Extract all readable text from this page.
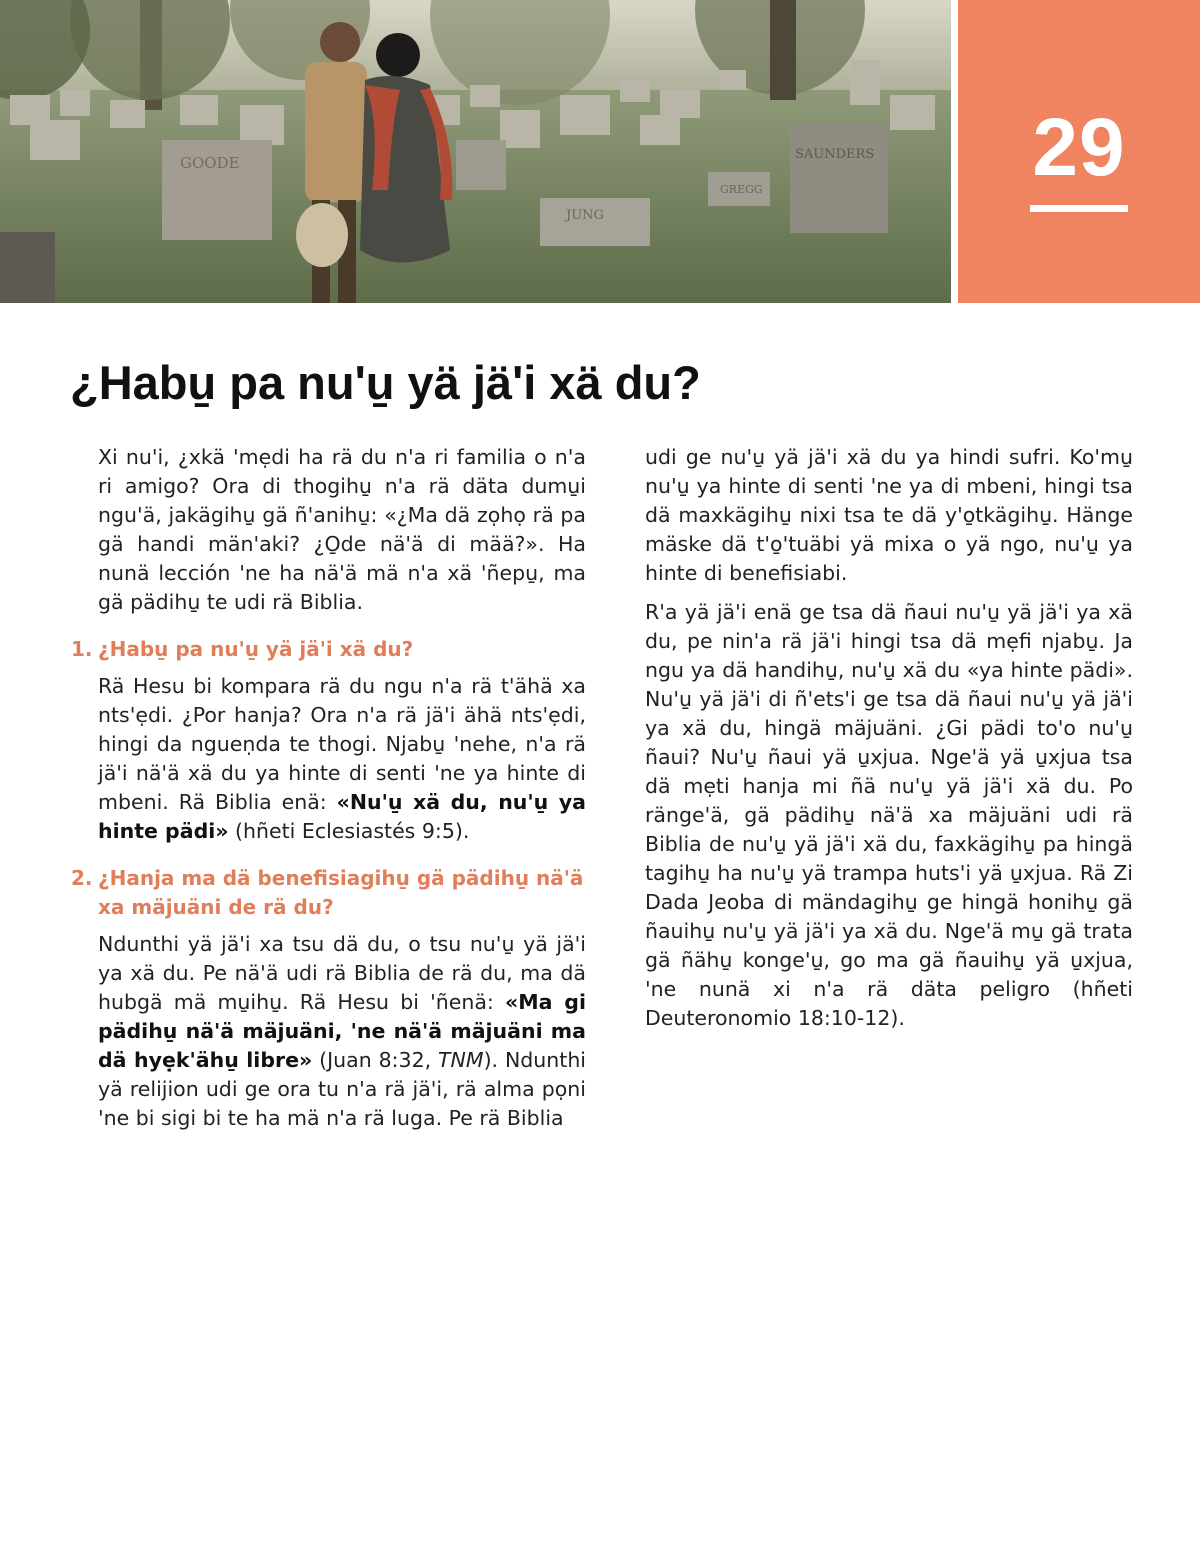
GOODE	SAUNDERS
JUNG
GREGG	29
¿Habu̱ pa nu'u̱ yä jä'i xä du?

Xi nu'i, ¿xkä 'mẹdi ha rä du n'a ri familia o n'a ri amigo? Ora di thogihu̱ n'a rä däta dumu̱i ngu'ä, jakägihu̱ gä ñ'anihu̱: «¿Ma dä zọhọ rä pa gä handi män'aki? ¿O̱de nä'ä di mää?». Ha nunä lección 'ne ha nä'ä mä n'a xä 'ñepu̱, ma gä pädihu̱ te udi rä Biblia.

1. ¿Habu̱ pa nu'u̱ yä jä'i xä du?

Rä Hesu bi kompara rä du ngu n'a rä t'ähä xa nts'ẹdi. ¿Por hanja? Ora n'a rä jä'i ähä nts'ẹdi, hingi da ngueṇda te thogi. Njabu̱ 'nehe, n'a rä jä'i nä'ä xä du ya hinte di senti 'ne ya hinte di mbeni. Rä Biblia enä: «Nu'u̱ xä du, nu'u̱ ya hinte pädi» (hñeti Eclesiastés 9:5).

2. ¿Hanja ma dä benefisiagihu̱ gä pädihu̱ nä'ä xa mäjuäni de rä du?

Ndunthi yä jä'i xa tsu dä du, o tsu nu'u̱ yä jä'i ya xä du. Pe nä'ä udi rä Biblia de rä du, ma dä hubgä mä mu̱ihu̱. Rä Hesu bi 'ñenä: «Ma gi pädihu̱ nä'ä mäjuäni, 'ne nä'ä mäjuäni ma dä hyẹk'ähu̱ libre» (Juan 8:32, TNM). Ndunthi yä relijion udi ge ora tu n'a rä jä'i, rä alma pọni 'ne bi sigi bi te ha mä n'a rä luga. Pe rä Biblia

udi ge nu'u̱ yä jä'i xä du ya hindi sufri. Ko'mu̱ nu'u̱ ya hinte di senti 'ne ya di mbeni, hingi tsa dä maxkägihu̱ nixi tsa te dä y'o̱tkägihu̱. Hänge mäske dä t'o̱'tuäbi yä mixa o yä ngo, nu'u̱ ya hinte di benefisiabi.

R'a yä jä'i enä ge tsa dä ñaui nu'u̱ yä jä'i ya xä du, pe nin'a rä jä'i hingi tsa dä mẹfi njabu̱. Ja ngu ya dä handihu̱, nu'u̱ xä du «ya hinte pädi». Nu'u̱ yä jä'i di ñ'ets'i ge tsa dä ñaui nu'u̱ yä jä'i ya xä du, hingä mäjuäni. ¿Gi pädi to'o nu'u̱ ñaui? Nu'u̱ ñaui yä u̱xjua. Nge'ä yä u̱xjua tsa dä mẹti hanja mi ñä nu'u̱ yä jä'i xä du. Po ränge'ä, gä pädihu̱ nä'ä xa mäjuäni udi rä Biblia de nu'u̱ yä jä'i xä du, faxkägihu̱ pa hingä tagihu̱ ha nu'u̱ yä trampa huts'i yä u̱xjua. Rä Zi Dada Jeoba di mändagihu̱ ge hingä honihu̱ gä ñauihu̱ nu'u̱ yä jä'i ya xä du. Nge'ä mu̱ gä trata gä ñähu̱ konge'u̱, go ma gä ñauihu̱ yä u̱xjua, 'ne nunä xi n'a rä däta peligro (hñeti Deuteronomio 18:10-12).
